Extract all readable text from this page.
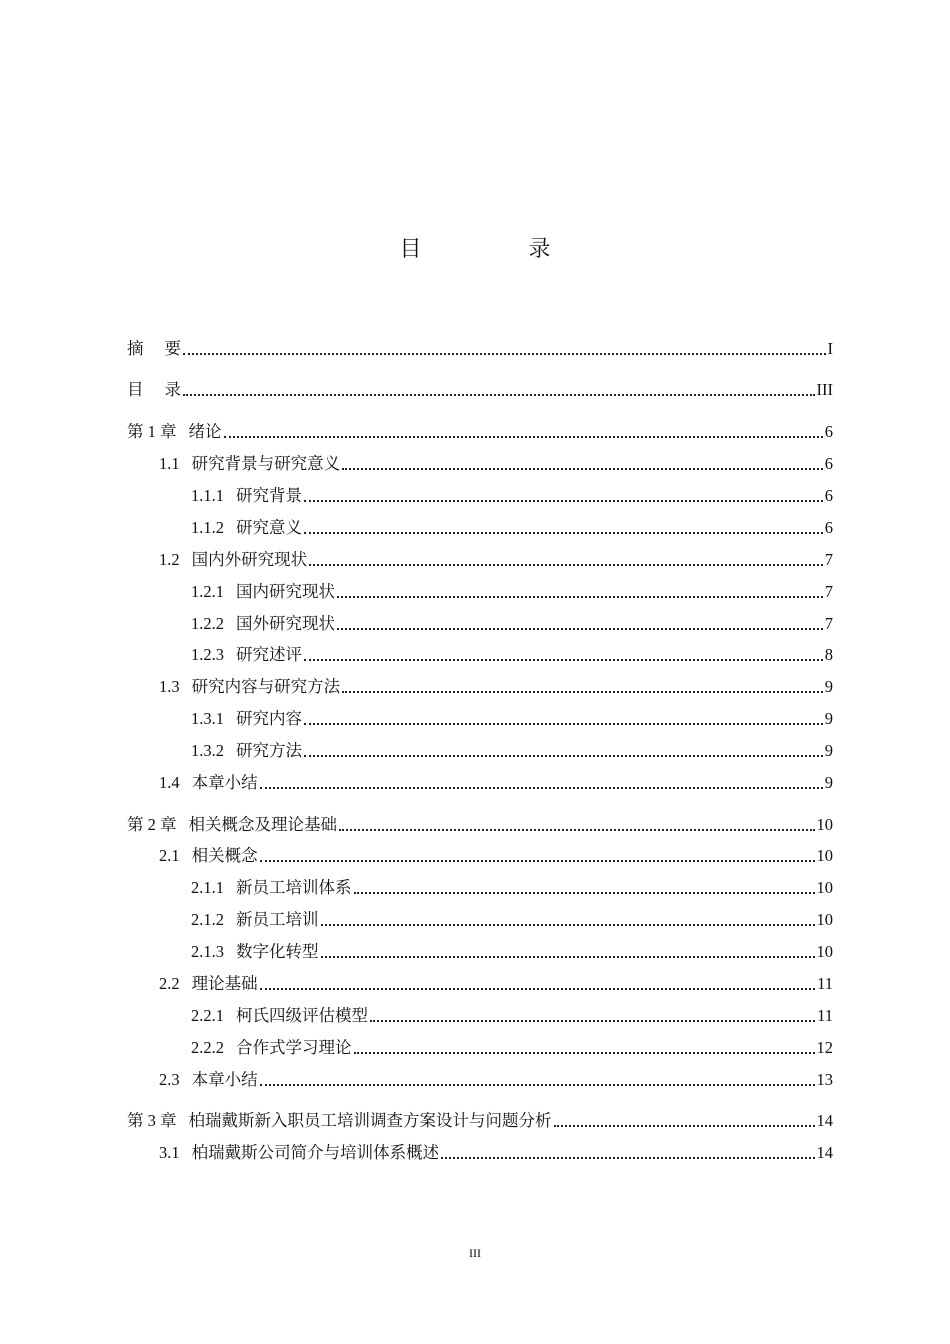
目 录
摘    要	I
目    录	III
第 1 章 绪论	6
1.1 研究背景与研究意义	6
1.1.1 研究背景	6
1.1.2 研究意义	6
1.2 国内外研究现状	7
1.2.1 国内研究现状	7
1.2.2 国外研究现状	7
1.2.3 研究述评	8
1.3 研究内容与研究方法	9
1.3.1 研究内容	9
1.3.2 研究方法	9
1.4 本章小结	9
第 2 章 相关概念及理论基础	10
2.1 相关概念	10
2.1.1 新员工培训体系	10
2.1.2 新员工培训	10
2.1.3 数字化转型	10
2.2 理论基础	11
2.2.1 柯氏四级评估模型	11
2.2.2 合作式学习理论	12
2.3 本章小结	13
第 3 章 柏瑞戴斯新入职员工培训调查方案设计与问题分析	14
3.1 柏瑞戴斯公司简介与培训体系概述	14
III
